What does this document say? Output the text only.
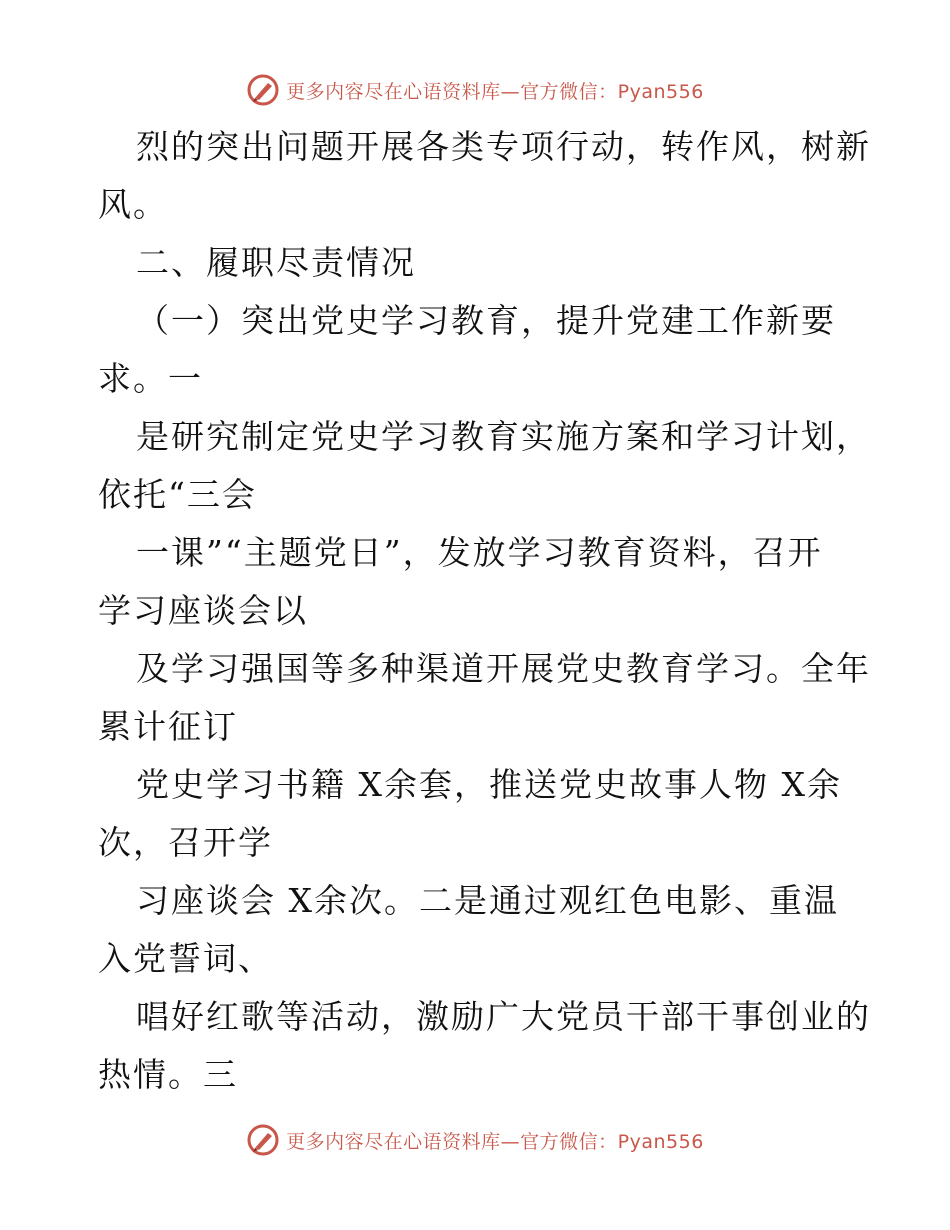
更多内容尽在心语资料库—官方微信：Pyan556
烈的突出问题开展各类专项行动，转作风，树新
风。
二、履职尽责情况
（一）突出党史学习教育，提升党建工作新要
求。一
是研究制定党史学习教育实施方案和学习计划，
依托“三会
一课”“主题党日”，发放学习教育资料，召开
学习座谈会以
及学习强国等多种渠道开展党史教育学习。全年
累计征订
党史学习书籍 X余套，推送党史故事人物 X余
次，召开学
习座谈会 X余次。二是通过观红色电影、重温
入党誓词、
唱好红歌等活动，激励广大党员干部干事创业的
热情。三
更多内容尽在心语资料库—官方微信：Pyan556
